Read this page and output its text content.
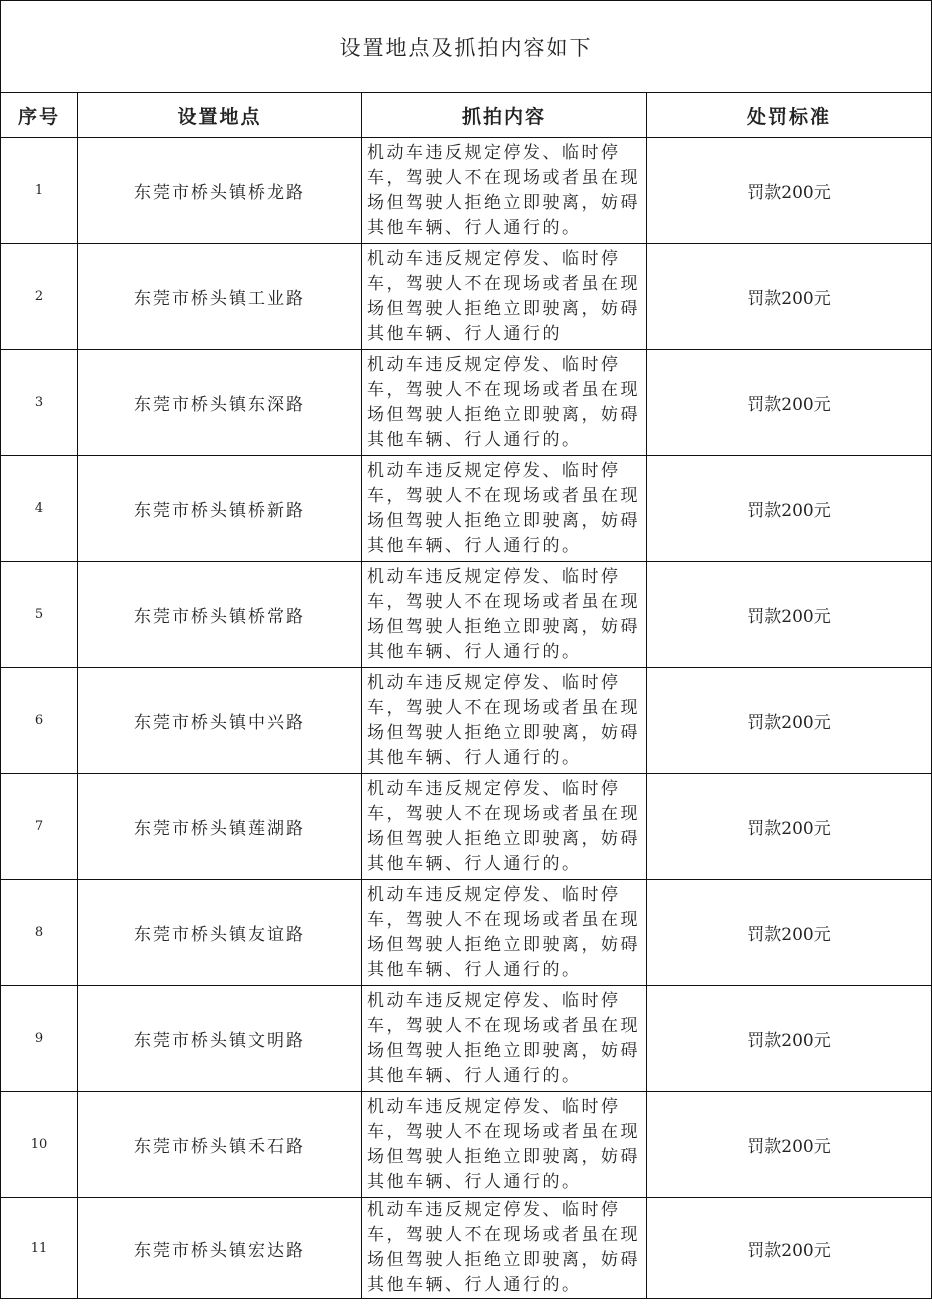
设置地点及抓拍内容如下			
序号	设置地点	抓拍内容	处罚标准
1	东莞市桥头镇桥龙路	机动车违反规定停发、临时停车，驾驶人不在现场或者虽在现场但驾驶人拒绝立即驶离，妨碍其他车辆、行人通行的。	罚款200元
2	东莞市桥头镇工业路	机动车违反规定停发、临时停车，驾驶人不在现场或者虽在现场但驾驶人拒绝立即驶离，妨碍其他车辆、行人通行的	罚款200元
3	东莞市桥头镇东深路	机动车违反规定停发、临时停车，驾驶人不在现场或者虽在现场但驾驶人拒绝立即驶离，妨碍其他车辆、行人通行的。	罚款200元
4	东莞市桥头镇桥新路	机动车违反规定停发、临时停车，驾驶人不在现场或者虽在现场但驾驶人拒绝立即驶离，妨碍其他车辆、行人通行的。	罚款200元
5	东莞市桥头镇桥常路	机动车违反规定停发、临时停车，驾驶人不在现场或者虽在现场但驾驶人拒绝立即驶离，妨碍其他车辆、行人通行的。	罚款200元
6	东莞市桥头镇中兴路	机动车违反规定停发、临时停车，驾驶人不在现场或者虽在现场但驾驶人拒绝立即驶离，妨碍其他车辆、行人通行的。	罚款200元
7	东莞市桥头镇莲湖路	机动车违反规定停发、临时停车，驾驶人不在现场或者虽在现场但驾驶人拒绝立即驶离，妨碍其他车辆、行人通行的。	罚款200元
8	东莞市桥头镇友谊路	机动车违反规定停发、临时停车，驾驶人不在现场或者虽在现场但驾驶人拒绝立即驶离，妨碍其他车辆、行人通行的。	罚款200元
9	东莞市桥头镇文明路	机动车违反规定停发、临时停车，驾驶人不在现场或者虽在现场但驾驶人拒绝立即驶离，妨碍其他车辆、行人通行的。	罚款200元
10	东莞市桥头镇禾石路	机动车违反规定停发、临时停车，驾驶人不在现场或者虽在现场但驾驶人拒绝立即驶离，妨碍其他车辆、行人通行的。	罚款200元
11	东莞市桥头镇宏达路	机动车违反规定停发、临时停车，驾驶人不在现场或者虽在现场但驾驶人拒绝立即驶离，妨碍其他车辆、行人通行的。	罚款200元
